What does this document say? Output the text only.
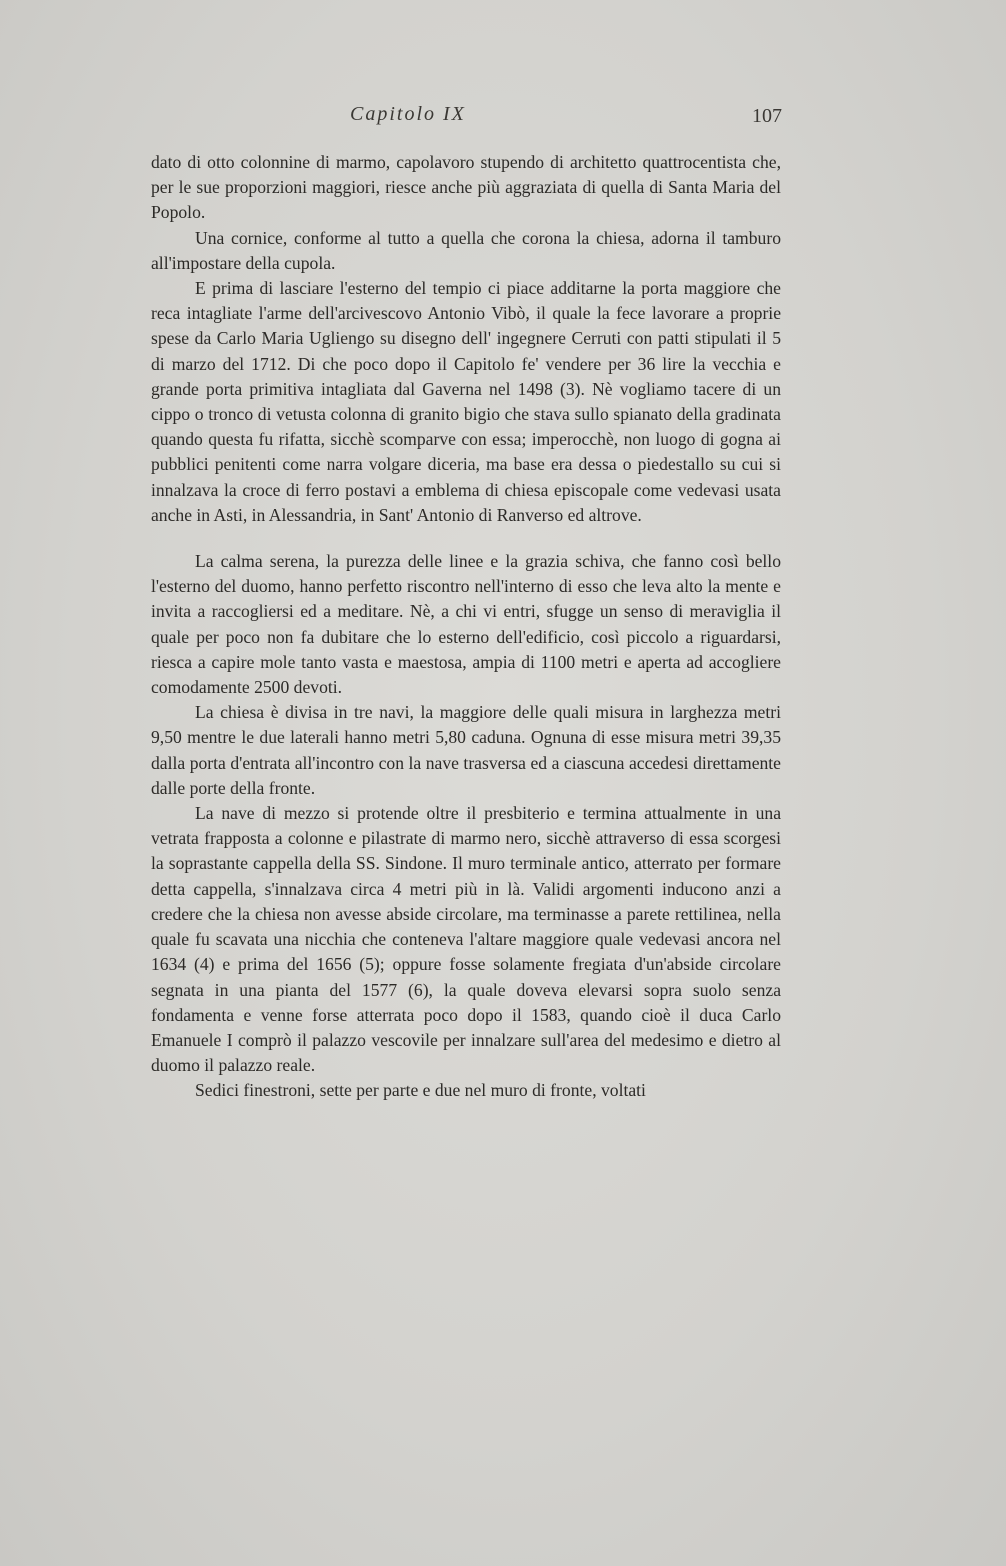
Capitolo IX	107

dato di otto colonnine di marmo, capolavoro stupendo di architetto quattrocentista che, per le sue proporzioni maggiori, riesce anche più aggraziata di quella di Santa Maria del Popolo.

Una cornice, conforme al tutto a quella che corona la chiesa, adorna il tamburo all'impostare della cupola.

E prima di lasciare l'esterno del tempio ci piace additarne la porta maggiore che reca intagliate l'arme dell'arcivescovo Antonio Vibò, il quale la fece lavorare a proprie spese da Carlo Maria Ugliengo su disegno dell' ingegnere Cerruti con patti stipulati il 5 di marzo del 1712. Di che poco dopo il Capitolo fe' vendere per 36 lire la vecchia e grande porta primitiva intagliata dal Gaverna nel 1498 (3). Nè vogliamo tacere di un cippo o tronco di vetusta colonna di granito bigio che stava sullo spianato della gradinata quando questa fu rifatta, sicchè scomparve con essa; imperocchè, non luogo di gogna ai pubblici penitenti come narra volgare diceria, ma base era dessa o piedestallo su cui si innalzava la croce di ferro postavi a emblema di chiesa episcopale come vedevasi usata anche in Asti, in Alessandria, in Sant' Antonio di Ranverso ed altrove.

La calma serena, la purezza delle linee e la grazia schiva, che fanno così bello l'esterno del duomo, hanno perfetto riscontro nell'interno di esso che leva alto la mente e invita a raccogliersi ed a meditare. Nè, a chi vi entri, sfugge un senso di meraviglia il quale per poco non fa dubitare che lo esterno dell'edificio, così piccolo a riguardarsi, riesca a capire mole tanto vasta e maestosa, ampia di 1100 metri e aperta ad accogliere comodamente 2500 devoti.

La chiesa è divisa in tre navi, la maggiore delle quali misura in larghezza metri 9,50 mentre le due laterali hanno metri 5,80 caduna. Ognuna di esse misura metri 39,35 dalla porta d'entrata all'incontro con la nave trasversa ed a ciascuna accedesi direttamente dalle porte della fronte.

La nave di mezzo si protende oltre il presbiterio e termina attualmente in una vetrata frapposta a colonne e pilastrate di marmo nero, sicchè attraverso di essa scorgesi la soprastante cappella della SS. Sindone. Il muro terminale antico, atterrato per formare detta cappella, s'innalzava circa 4 metri più in là. Validi argomenti inducono anzi a credere che la chiesa non avesse abside circolare, ma terminasse a parete rettilinea, nella quale fu scavata una nicchia che conteneva l'altare maggiore quale vedevasi ancora nel 1634 (4) e prima del 1656 (5); oppure fosse solamente fregiata d'un'abside circolare segnata in una pianta del 1577 (6), la quale doveva elevarsi sopra suolo senza fondamenta e venne forse atterrata poco dopo il 1583, quando cioè il duca Carlo Emanuele I comprò il palazzo vescovile per innalzare sull'area del medesimo e dietro al duomo il palazzo reale.

Sedici finestroni, sette per parte e due nel muro di fronte, voltati
